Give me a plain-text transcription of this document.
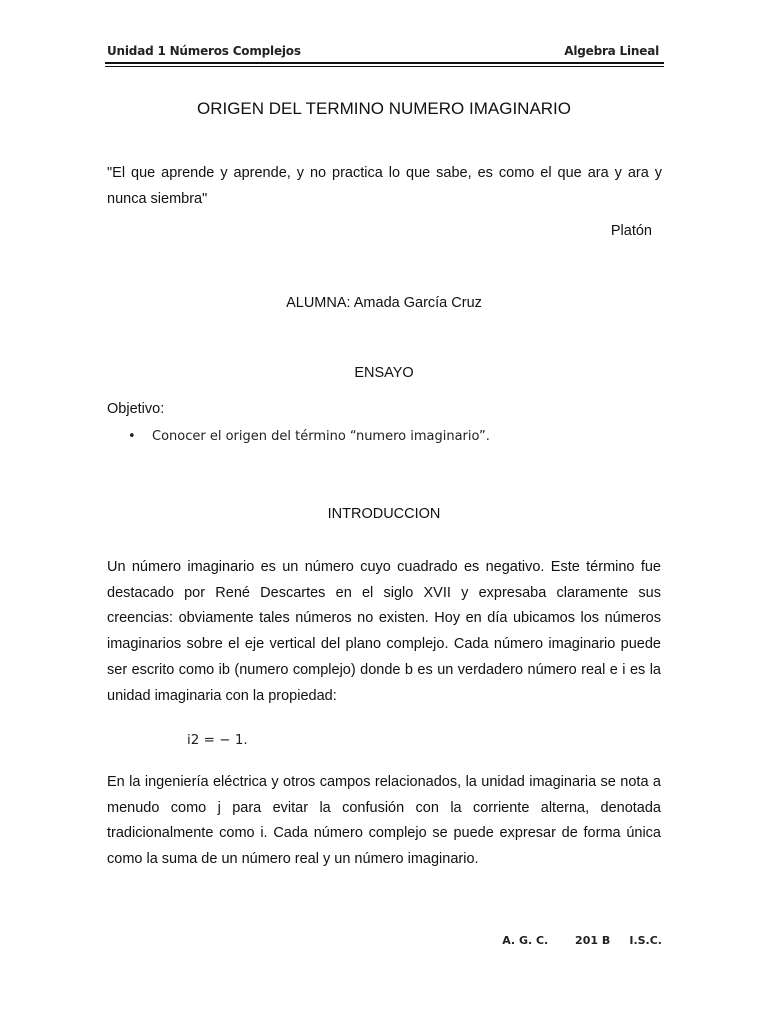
Unidad 1 Números Complejos	Algebra Lineal
ORIGEN DEL TERMINO NUMERO IMAGINARIO
"El que aprende y aprende, y no practica lo que sabe, es como el que ara y ara y nunca siembra"
Platón
ALUMNA: Amada García Cruz
ENSAYO
Objetivo:
• Conocer el origen del término “numero imaginario”.
INTRODUCCION
Un número imaginario es un número cuyo cuadrado es negativo. Este término fue destacado por René Descartes en el siglo XVII y expresaba claramente sus creencias: obviamente tales números no existen. Hoy en día ubicamos los números imaginarios sobre el eje vertical del plano complejo. Cada número imaginario puede ser escrito como ib (numero complejo) donde b es un verdadero número real e i es la unidad imaginaria con la propiedad:
i2 = − 1.
En la ingeniería eléctrica y otros campos relacionados, la unidad imaginaria se nota a menudo como j para evitar la confusión con la corriente alterna, denotada tradicionalmente como i. Cada número complejo se puede expresar de forma única como la suma de un número real y un número imaginario.
A. G. C.       201 B     I.S.C.
